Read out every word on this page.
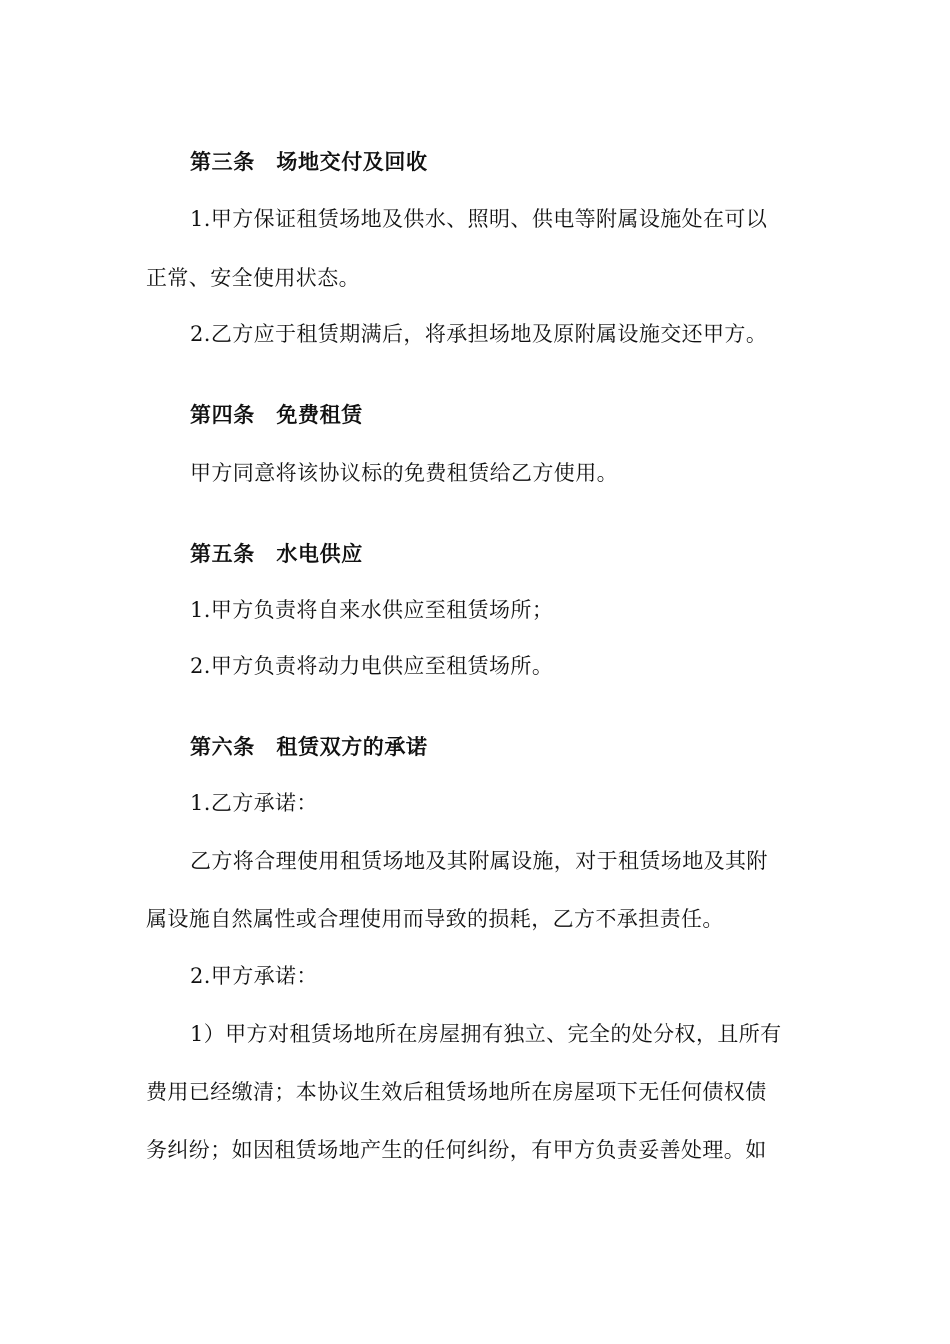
第三条　场地交付及回收

1.甲方保证租赁场地及供水、照明、供电等附属设施处在可以

正常、安全使用状态。

2.乙方应于租赁期满后，将承担场地及原附属设施交还甲方。

第四条　免费租赁

甲方同意将该协议标的免费租赁给乙方使用。

第五条　水电供应

1.甲方负责将自来水供应至租赁场所；

2.甲方负责将动力电供应至租赁场所。

第六条　租赁双方的承诺

1.乙方承诺：

乙方将合理使用租赁场地及其附属设施，对于租赁场地及其附

属设施自然属性或合理使用而导致的损耗，乙方不承担责任。

2.甲方承诺：

1）甲方对租赁场地所在房屋拥有独立、完全的处分权，且所有

费用已经缴清；本协议生效后租赁场地所在房屋项下无任何债权债

务纠纷；如因租赁场地产生的任何纠纷，有甲方负责妥善处理。如
